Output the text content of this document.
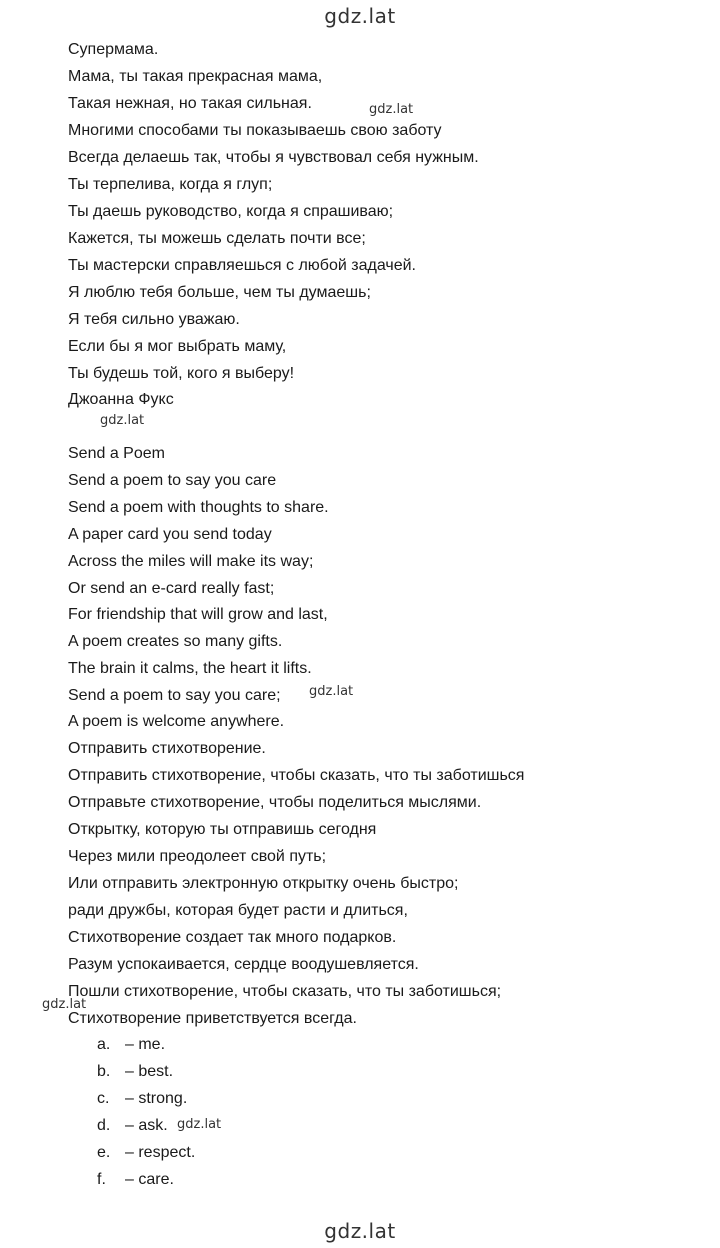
gdz.lat
Супермама.
Мама, ты такая прекрасная мама,
Такая нежная, но такая сильная.
Многими способами ты показываешь свою заботу
Всегда делаешь так, чтобы я чувствовал себя нужным.
Ты терпелива, когда я глуп;
Ты даешь руководство, когда я спрашиваю;
Кажется, ты можешь сделать почти все;
Ты мастерски справляешься с любой задачей.
Я люблю тебя больше, чем ты думаешь;
Я тебя сильно уважаю.
Если бы я мог выбрать маму,
Ты будешь той, кого я выберу!
Джоанна Фукс
Send a Poem
Send a poem to say you care
Send a poem with thoughts to share.
A paper card you send today
Across the miles will make its way;
Or send an e-card really fast;
For friendship that will grow and last,
A poem creates so many gifts.
The brain it calms, the heart it lifts.
Send a poem to say you care;
A poem is welcome anywhere.
Отправить стихотворение.
Отправить стихотворение, чтобы сказать, что ты заботишься
Отправьте стихотворение, чтобы поделиться мыслями.
Открытку, которую ты отправишь сегодня
Через мили преодолеет свой путь;
Или отправить электронную открытку очень быстро;
ради дружбы, которая будет расти и длиться,
Стихотворение создает так много подарков.
Разум успокаивается, сердце воодушевляется.
Пошли стихотворение, чтобы сказать, что ты заботишься;
Стихотворение приветствуется всегда.
a. – me.
b. – best.
c. – strong.
d. – ask.
e. – respect.
f. – care.
gdz.lat
gdz.lat
gdz.lat
gdz.lat
gdz.lat
gdz.lat
